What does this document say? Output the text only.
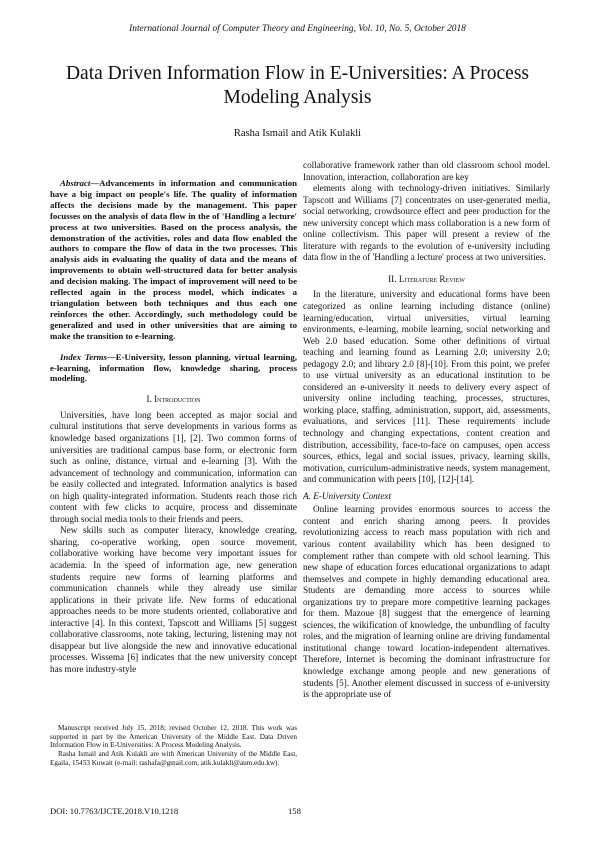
International Journal of Computer Theory and Engineering, Vol. 10, No. 5, October 2018
Data Driven Information Flow in E-Universities: A Process Modeling Analysis
Rasha Ismail and Atik Kulakli

Abstract—Advancements in information and communication have a big impact on people's life. The quality of information affects the decisions made by the management. This paper focusses on the analysis of data flow in the of 'Handling a lecture' process at two universities. Based on the process analysis, the demonstration of the activities, roles and data flow enabled the authors to compare the flow of data in the two processes. This analysis aids in evaluating the quality of data and the means of improvements to obtain well-structured data for better analysis and decision making. The impact of improvement will need to be reflected again in the process model, which indicates a triangulation between both techniques and thus each one reinforces the other. Accordingly, such methodology could be generalized and used in other universities that are aiming to make the transition to e-learning.

Index Terms—E-University, lesson planning, virtual learning, e-learning, information flow, knowledge sharing, process modeling.

I. Introduction

Universities, have long been accepted as major social and cultural institutions that serve developments in various forms as knowledge based organizations [1], [2]. Two common forms of universities are traditional campus base form, or electronic form such as online, distance, virtual and e-learning [3]. With the advancement of technology and communication, information can be easily collected and integrated. Information analytics is based on high quality-integrated information. Students reach those rich content with few clicks to acquire, process and disseminate through social media tools to their friends and peers.

New skills such as computer literacy, knowledge creating, sharing, co-operative working, open source movement, collaborative working have become very important issues for academia. In the speed of information age, new generation students require new forms of learning platforms and communication channels while they already use similar applications in their private life. New forms of educational approaches needs to be more students oriented, collaborative and interactive [4]. In this context, Tapscott and Williams [5] suggest collaborative classrooms, note taking, lecturing, listening may not disappear but live alongside the new and innovative educational processes. Wissema [6] indicates that the new university concept has more industry-style

Manuscript received July 15, 2018; revised October 12, 2018. This work was supported in part by the American University of the Middle East. Data Driven Information Flow in E-Universities: A Process Modeling Analysis.

Rasha Ismail and Atik Kulakli are with American University of the Middle East, Egaila, 15453 Kuwait (e-mail: rashafa@gmail.com, atik.kulakli@aum.edu.kw).

collaborative framework rather than old classroom school model. Innovation, interaction, collaboration are key

elements along with technology-driven initiatives. Similarly Tapscott and Williams [7] concentrates on user-generated media, social networking, crowdsource effect and peer production for the new university concept which mass collaboration is a new form of online collectivism. This paper will present a review of the literature with regards to the evolution of e-university including data flow in the of 'Handling a lecture' process at two universities.

II. Literature Review

In the literature, university and educational forms have been categorized as online learning including distance (online) learning/education, virtual universities, virtual learning environments, e-learning, mobile learning, social networking and Web 2.0 based education. Some other definitions of virtual teaching and learning found as Learning 2.0; university 2.0; pedagogy 2.0; and library 2.0 [8]-[10]. From this point, we prefer to use virtual university as an educational institution to be considered an e-university it needs to delivery every aspect of university online including teaching, processes, structures, working place, staffing, administration, support, aid, assessments, evaluations, and services [11]. These requirements include technology and changing expectations, content creation and distribution, accessibility, face-to-face on campuses, open access sources, ethics, legal and social issues, privacy, learning skills, motivation, curriculum-administrative needs, system management, and communication with peers [10], [12]-[14].

A. E-University Context

Online learning provides enormous sources to access the content and enrich sharing among peers. It provides revolutionizing access to reach mass population with rich and various content availability which has been designed to complement rather than compete with old school learning. This new shape of education forces educational organizations to adapt themselves and compete in highly demanding educational area. Students are demanding more access to sources while organizations try to prepare more competitive learning packages for them. Mazoue [8] suggest that the emergence of learning sciences, the wikification of knowledge, the unbundling of faculty roles, and the migration of learning online are driving fundamental institutional change toward location-independent alternatives. Therefore, Internet is becoming the dominant infrastructure for knowledge exchange among people and new generations of students [5]. Another element discussed in success of e-university is the appropriate use of

DOI: 10.7763/IJCTE.2018.V10.1218	158
